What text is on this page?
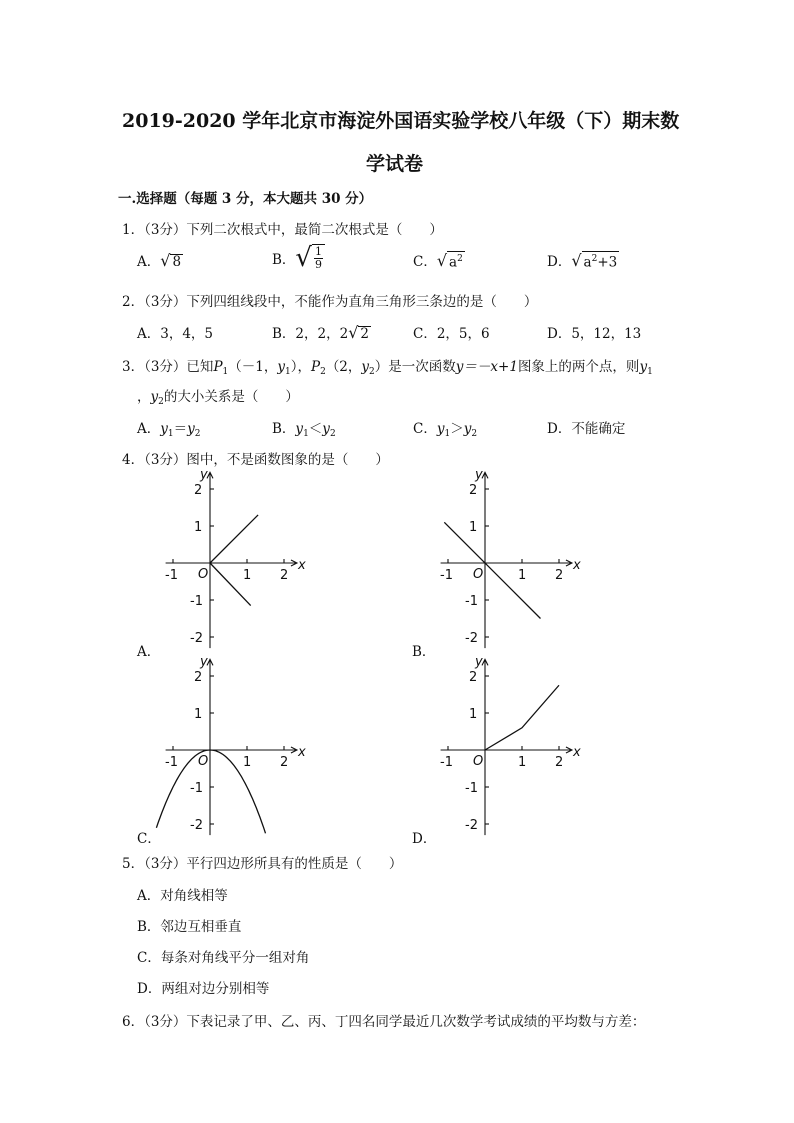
2019-2020 学年北京市海淀外国语实验学校八年级（下）期末数
学试卷
一.选择题（每题 3 分，本大题共 30 分）
1．（3分）下列二次根式中，最简二次根式是（　　）
A．√ 8	B．√ $\frac{1}{9}$	C．√ $a^2$	D．√ $a^2+3$
2．（3分）下列四组线段中，不能作为直角三角形三条边的是（　　）
A．3，4，5	B．2，2，2√ 2	C．2，5，6	D．5，12，13
3．（3分）已知$P_1(-1$，$y_1$），$P_2(2$，$y_2$）是一次函数y＝－x+1图象上的两个点，则$y_1$
，$y_2$的大小关系是（　　）
A．$y_1=y_2$	B．$y_1<y_2$	C．$y_1>y_2$	D．不能确定
4．（3分）图中，不是函数图象的是（　　）
-1	1 2
2
1
-1
-2
O
x
y
-1	1 2
2
1
-1
-2
O
x
y
-1	1 2
2
1
-1
-2
O
x
y
-1	1 2
2
1
-1
-2
O
x
y
A．	B．
C．	D．
5．（3分）平行四边形所具有的性质是（　　）
A．对角线相等
B．邻边互相垂直
C．每条对角线平分一组对角
D．两组对边分别相等
6．（3分）下表记录了甲、乙、丙、丁四名同学最近几次数学考试成绩的平均数与方差：
